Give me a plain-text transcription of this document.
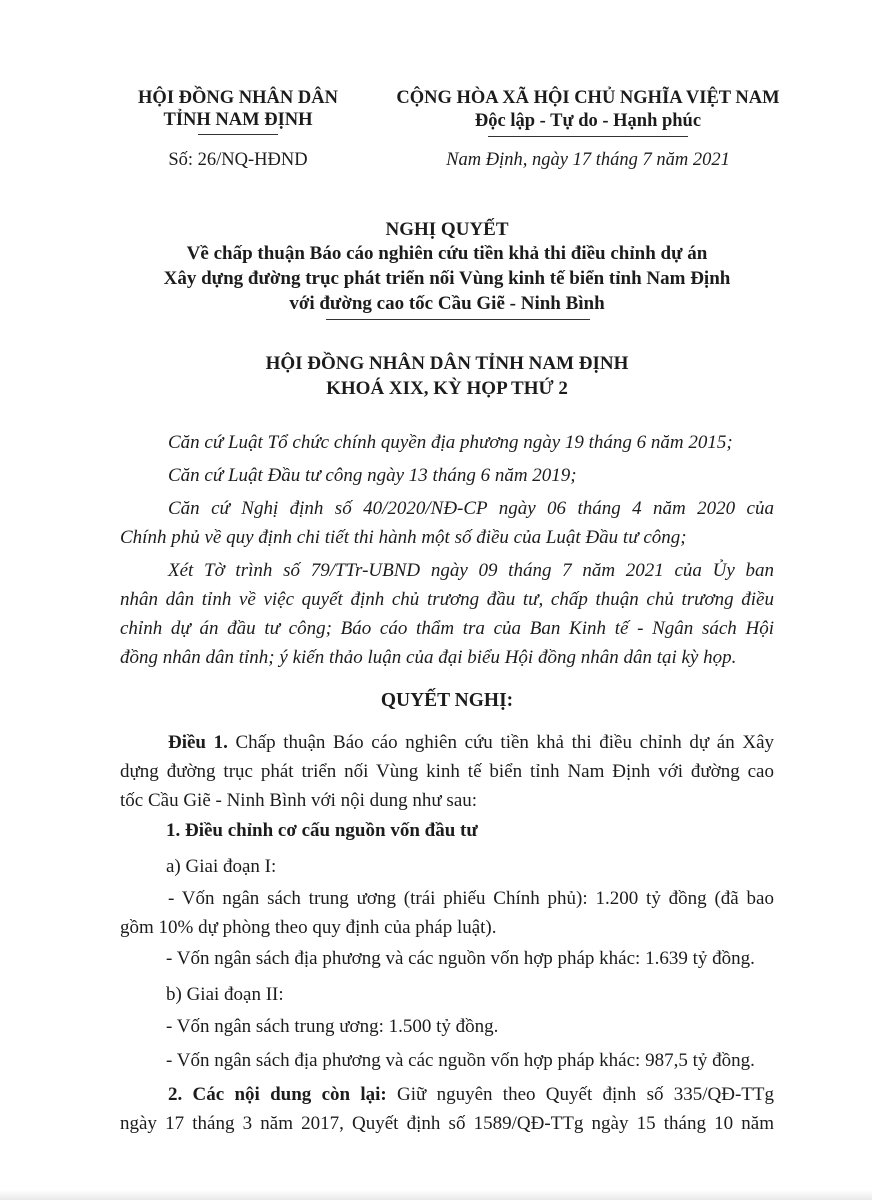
HỘI ĐỒNG NHÂN DÂN
TỈNH NAM ĐỊNH
Số: 26/NQ-HĐND
CỘNG HÒA XÃ HỘI CHỦ NGHĨA VIỆT NAM
Độc lập - Tự do - Hạnh phúc
Nam Định, ngày 17 tháng 7 năm 2021
NGHỊ QUYẾT
Về chấp thuận Báo cáo nghiên cứu tiền khả thi điều chỉnh dự án
Xây dựng đường trục phát triển nối Vùng kinh tế biển tỉnh Nam Định
với đường cao tốc Cầu Giẽ - Ninh Bình
HỘI ĐỒNG NHÂN DÂN TỈNH NAM ĐỊNH
KHOÁ XIX, KỲ HỌP THỨ 2
Căn cứ Luật Tổ chức chính quyền địa phương ngày 19 tháng 6 năm 2015;
Căn cứ Luật Đầu tư công ngày 13 tháng 6 năm 2019;
Căn cứ Nghị định số 40/2020/NĐ-CP ngày 06 tháng 4 năm 2020 của
Chính phủ về quy định chi tiết thi hành một số điều của Luật Đầu tư công;
Xét Tờ trình số 79/TTr-UBND ngày 09 tháng 7 năm 2021 của Ủy ban
nhân dân tỉnh về việc quyết định chủ trương đầu tư, chấp thuận chủ trương điều
chỉnh dự án đầu tư công; Báo cáo thẩm tra của Ban Kinh tế - Ngân sách Hội
đồng nhân dân tỉnh; ý kiến thảo luận của đại biểu Hội đồng nhân dân tại kỳ họp.
QUYẾT NGHỊ:
Điều 1. Chấp thuận Báo cáo nghiên cứu tiền khả thi điều chỉnh dự án Xây
dựng đường trục phát triển nối Vùng kinh tế biển tỉnh Nam Định với đường cao
tốc Cầu Giẽ - Ninh Bình với nội dung như sau:
1. Điều chỉnh cơ cấu nguồn vốn đầu tư
a) Giai đoạn I:
- Vốn ngân sách trung ương (trái phiếu Chính phủ): 1.200 tỷ đồng (đã bao
gồm 10% dự phòng theo quy định của pháp luật).
- Vốn ngân sách địa phương và các nguồn vốn hợp pháp khác: 1.639 tỷ đồng.
b) Giai đoạn II:
- Vốn ngân sách trung ương: 1.500 tỷ đồng.
- Vốn ngân sách địa phương và các nguồn vốn hợp pháp khác: 987,5 tỷ đồng.
2. Các nội dung còn lại: Giữ nguyên theo Quyết định số 335/QĐ-TTg
ngày 17 tháng 3 năm 2017, Quyết định số 1589/QĐ-TTg ngày 15 tháng 10 năm
